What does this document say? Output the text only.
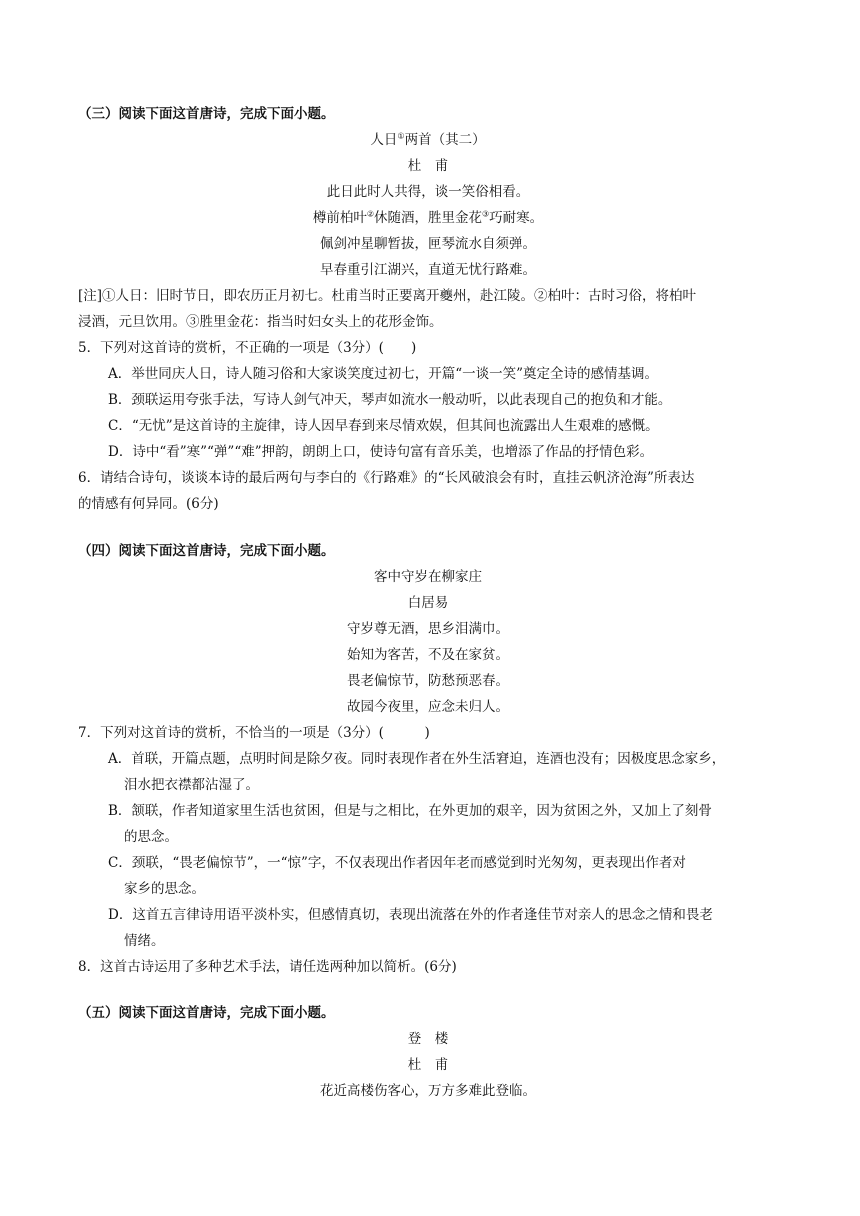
（三）阅读下面这首唐诗，完成下面小题。
人日①两首（其二）
杜　甫
此日此时人共得，谈一笑俗相看。
樽前柏叶②休随酒，胜里金花③巧耐寒。
佩剑冲星聊暂拔，匣琴流水自须弹。
早春重引江湖兴，直道无忧行路难。
[注]①人日：旧时节日，即农历正月初七。杜甫当时正要离开夔州，赴江陵。②柏叶：古时习俗，将柏叶
浸酒，元旦饮用。③胜里金花：指当时妇女头上的花形金饰。
5．下列对这首诗的赏析，不正确的一项是（3分）(　　)
A．举世同庆人日，诗人随习俗和大家谈笑度过初七，开篇“一谈一笑”奠定全诗的感情基调。
B．颈联运用夸张手法，写诗人剑气冲天，琴声如流水一般动听，以此表现自己的抱负和才能。
C．“无忧”是这首诗的主旋律，诗人因早春到来尽情欢娱，但其间也流露出人生艰难的感慨。
D．诗中“看”寒”“弹”“难”押韵，朗朗上口，使诗句富有音乐美，也增添了作品的抒情色彩。
6．请结合诗句，谈谈本诗的最后两句与李白的《行路难》的“长风破浪会有时，直挂云帆济沧海”所表达
的情感有何异同。(6分)
（四）阅读下面这首唐诗，完成下面小题。
客中守岁在柳家庄
白居易
守岁尊无酒，思乡泪满巾。
始知为客苦，不及在家贫。
畏老偏惊节，防愁预恶春。
故园今夜里，应念未归人。
7．下列对这首诗的赏析，不恰当的一项是（3分）(　　　)
A．首联，开篇点题，点明时间是除夕夜。同时表现作者在外生活窘迫，连酒也没有；因极度思念家乡，
泪水把衣襟都沾湿了。
B．颔联，作者知道家里生活也贫困，但是与之相比，在外更加的艰辛，因为贫困之外，又加上了刻骨
的思念。
C．颈联，“畏老偏惊节”，一“惊”字，不仅表现出作者因年老而感觉到时光匆匆，更表现出作者对
家乡的思念。
D．这首五言律诗用语平淡朴实，但感情真切，表现出流落在外的作者逢佳节对亲人的思念之情和畏老
情绪。
8．这首古诗运用了多种艺术手法，请任选两种加以简析。(6分)
（五）阅读下面这首唐诗，完成下面小题。
登　楼
杜　甫
花近高楼伤客心，万方多难此登临。
